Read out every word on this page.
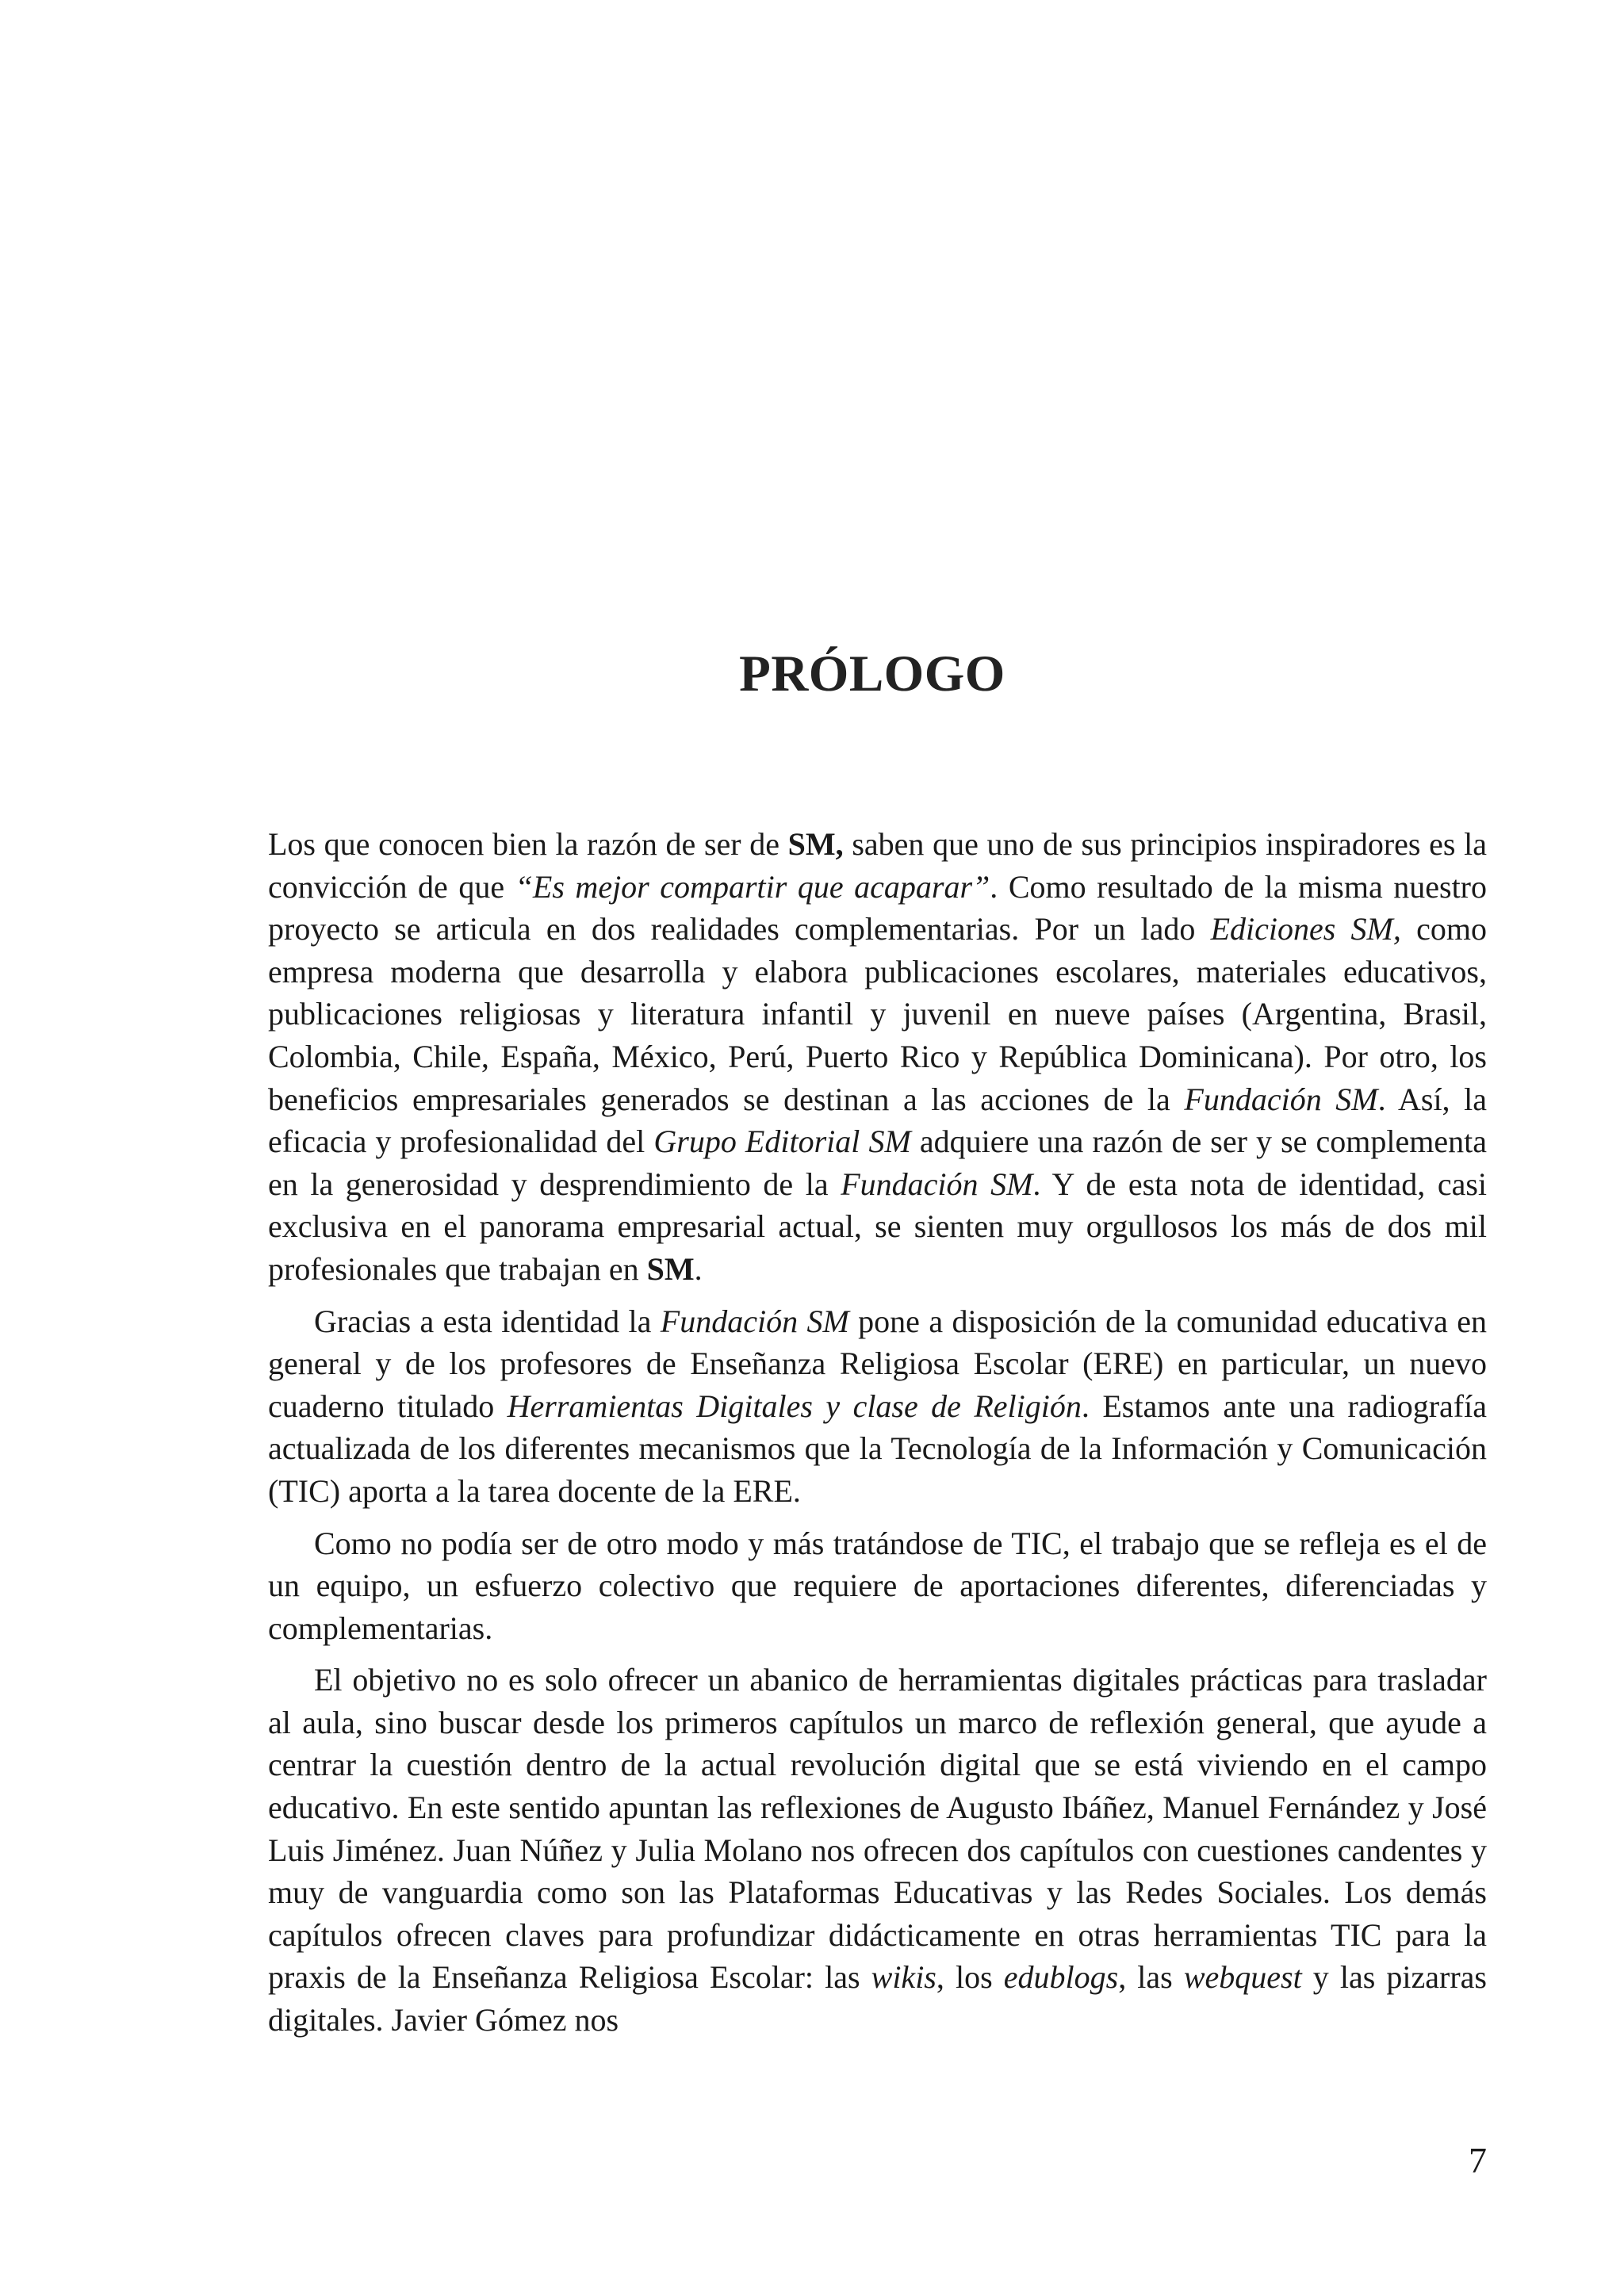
PRÓLOGO

Los que conocen bien la razón de ser de SM, saben que uno de sus principios inspiradores es la convicción de que “Es mejor compartir que acaparar”. Como resultado de la misma nuestro proyecto se articula en dos realidades complementarias. Por un lado Ediciones SM, como empresa moderna que desarrolla y elabora publicaciones escolares, materiales educativos, publicaciones religiosas y literatura infantil y juvenil en nueve países (Argentina, Brasil, Colombia, Chile, España, México, Perú, Puerto Rico y República Dominicana). Por otro, los beneficios empresariales generados se destinan a las acciones de la Fundación SM. Así, la eficacia y profesionalidad del Grupo Editorial SM adquiere una razón de ser y se complementa en la generosidad y desprendimiento de la Fundación SM. Y de esta nota de identidad, casi exclusiva en el panorama empresarial actual, se sienten muy orgullosos los más de dos mil profesionales que trabajan en SM.

Gracias a esta identidad la Fundación SM pone a disposición de la comunidad educativa en general y de los profesores de Enseñanza Religiosa Escolar (ERE) en particular, un nuevo cuaderno titulado Herramientas Digitales y clase de Religión. Estamos ante una radiografía actualizada de los diferentes mecanismos que la Tecnología de la Información y Comunicación (TIC) aporta a la tarea docente de la ERE.

Como no podía ser de otro modo y más tratándose de TIC, el trabajo que se refleja es el de un equipo, un esfuerzo colectivo que requiere de aportaciones diferentes, diferenciadas y complementarias.

El objetivo no es solo ofrecer un abanico de herramientas digitales prácticas para trasladar al aula, sino buscar desde los primeros capítulos un marco de reflexión general, que ayude a centrar la cuestión dentro de la actual revolución digital que se está viviendo en el campo educativo. En este sentido apuntan las reflexiones de Augusto Ibáñez, Manuel Fernández y José Luis Jiménez. Juan Núñez y Julia Molano nos ofrecen dos capítulos con cuestiones candentes y muy de vanguardia como son las Plataformas Educativas y las Redes Sociales. Los demás capítulos ofrecen claves para profundizar didácticamente en otras herramientas TIC para la praxis de la Enseñanza Religiosa Escolar: las wikis, los edublogs, las webquest y las pizarras digitales. Javier Gómez nos

7
